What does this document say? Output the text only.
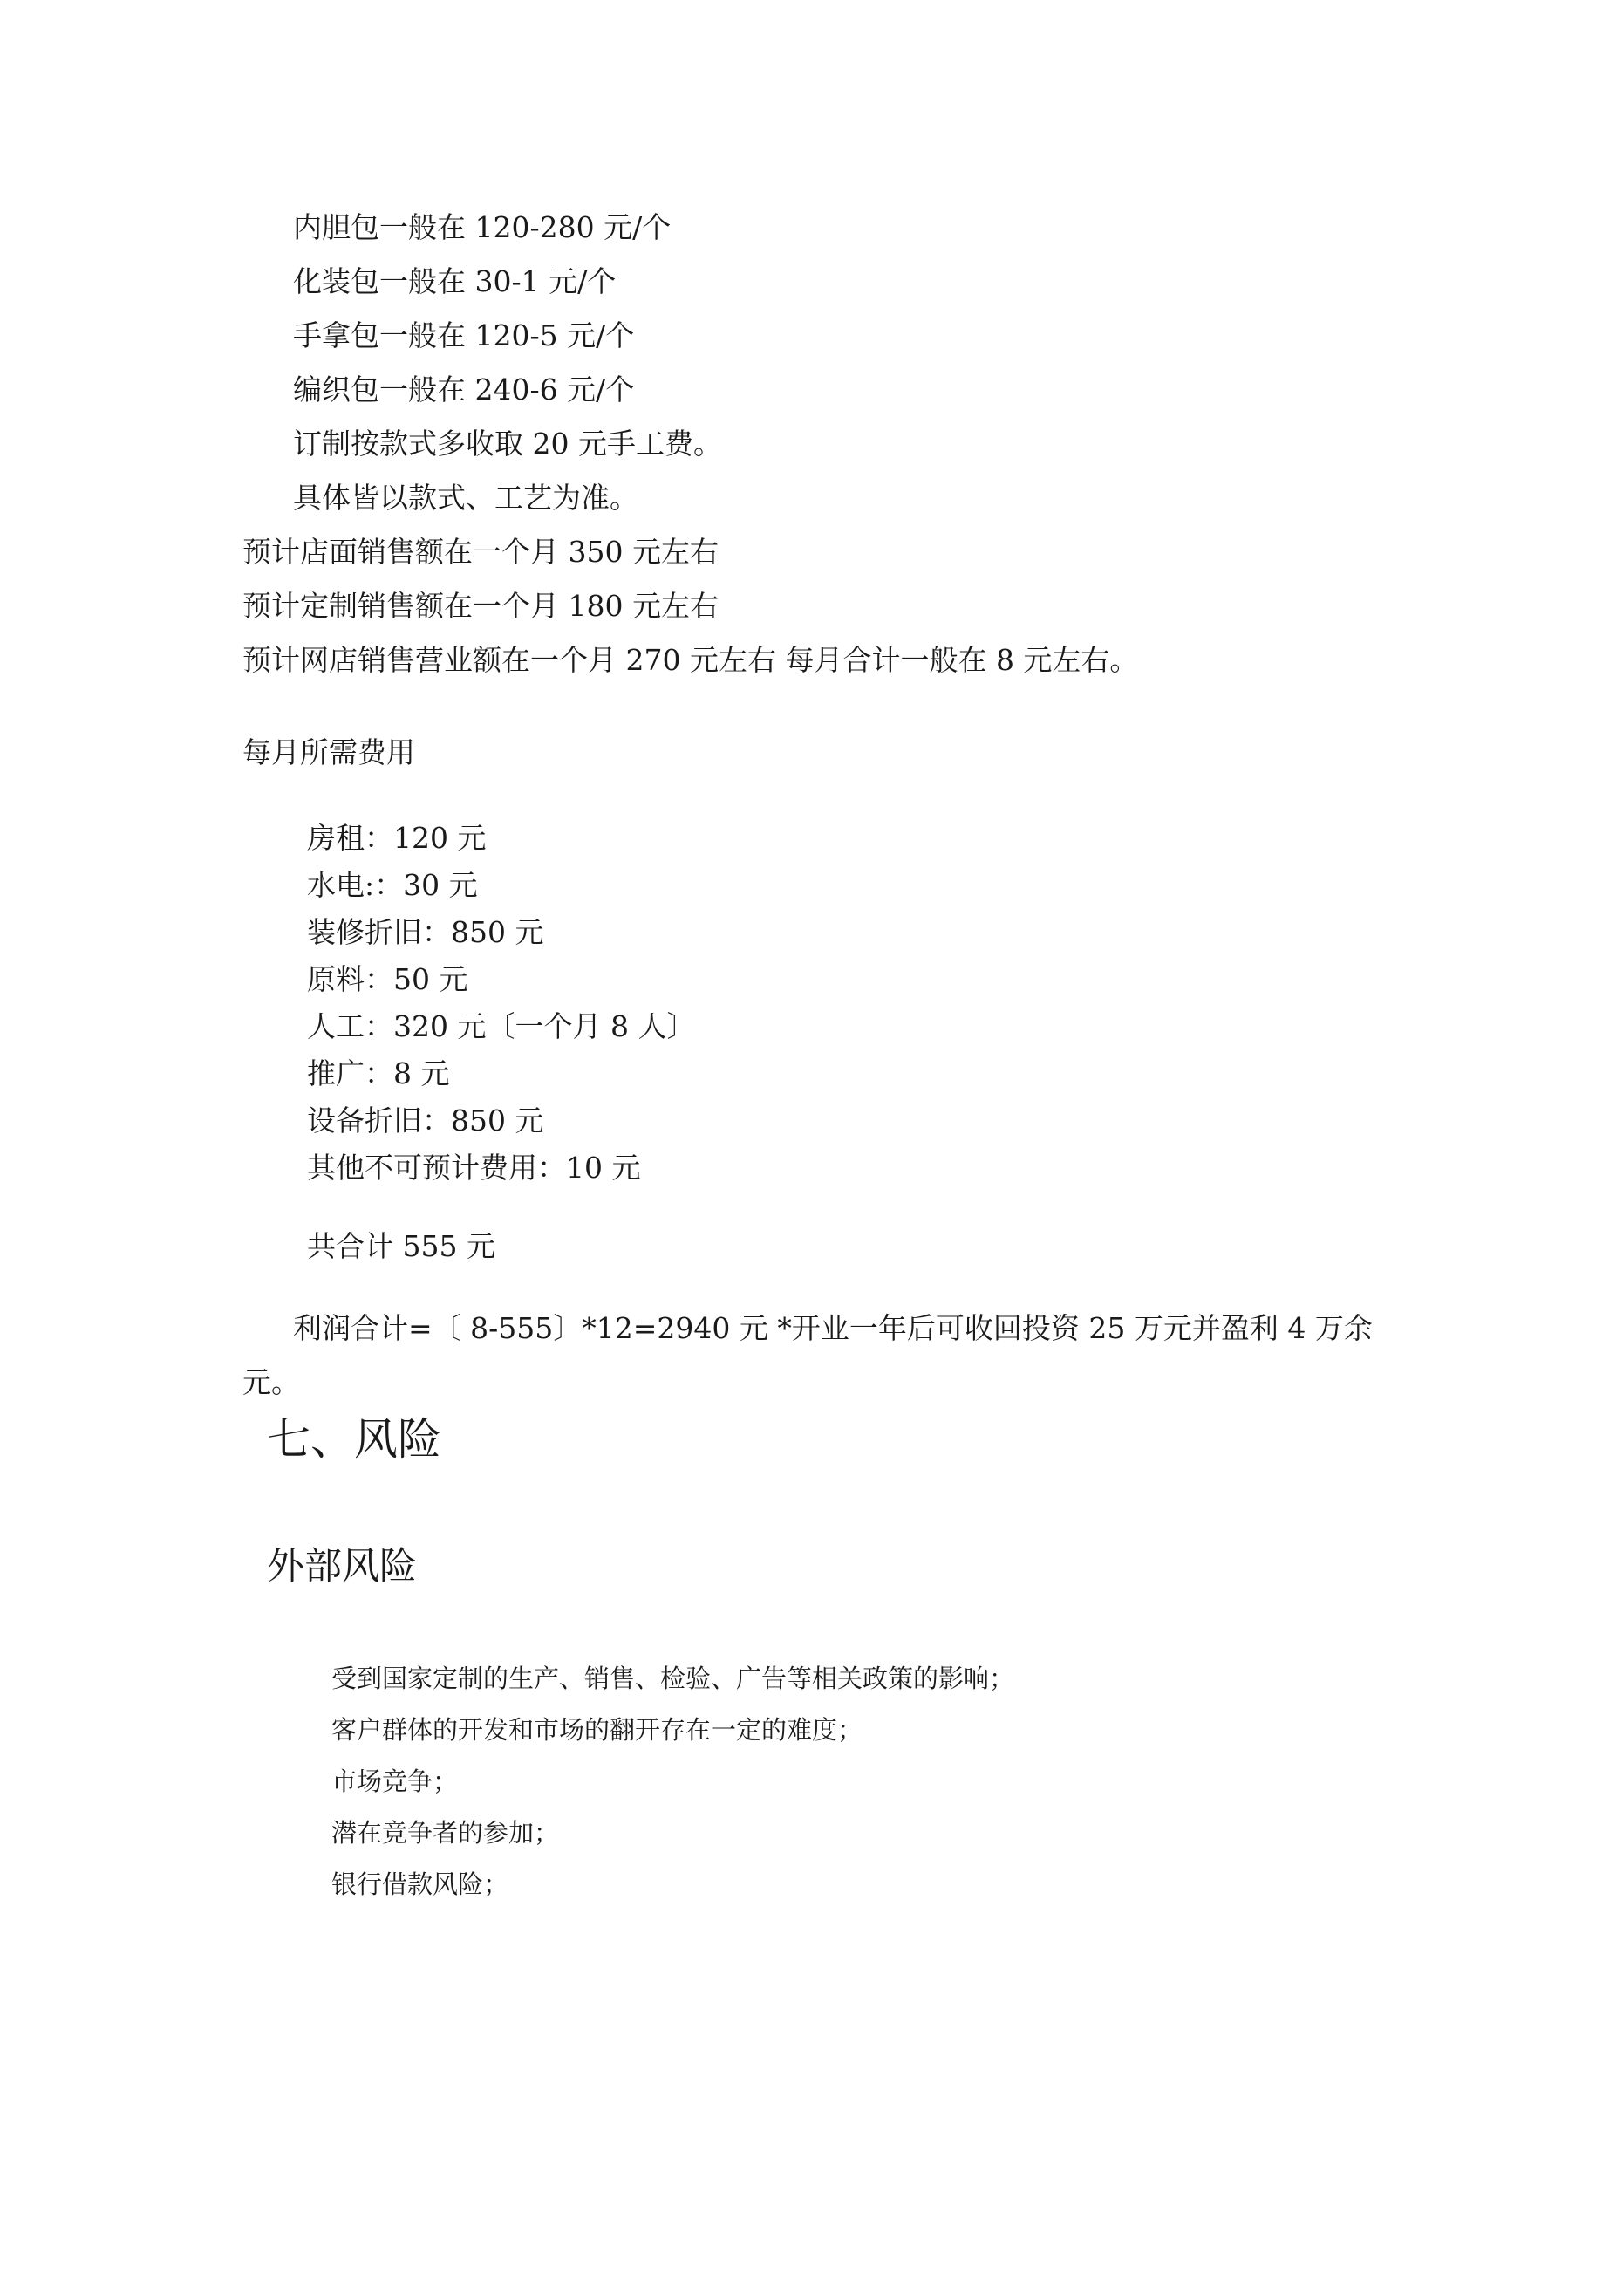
内胆包一般在 120-280 元/个
化装包一般在 30-1 元/个
手拿包一般在 120-5 元/个
编织包一般在 240-6 元/个
订制按款式多收取 20 元手工费。
具体皆以款式、工艺为准。
预计店面销售额在一个月 350 元左右
预计定制销售额在一个月 180 元左右
预计网店销售营业额在一个月 270 元左右 每月合计一般在 8 元左右。
每月所需费用
房租：120 元
水电:：30 元
装修折旧：850 元
原料：50 元
人工：320 元〔一个月 8 人〕
推广：8 元
设备折旧：850 元
其他不可预计费用：10 元
共合计 555 元
利润合计=〔 8-555〕*12=2940 元 *开业一年后可收回投资 25 万元并盈利 4 万余
元。
七、风险
外部风险
受到国家定制的生产、销售、检验、广告等相关政策的影响；
客户群体的开发和市场的翻开存在一定的难度；
市场竞争；
潜在竞争者的参加；
银行借款风险；
